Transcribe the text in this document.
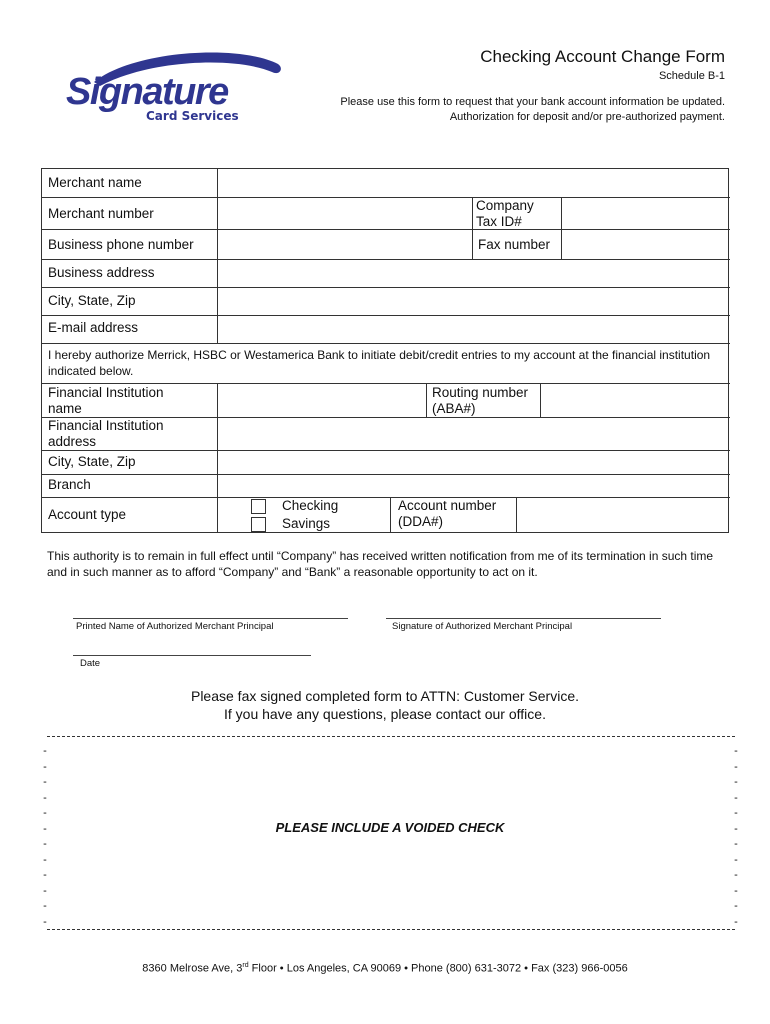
Signature
Card Services
Checking Account Change Form
Schedule B-1
Please use this form to request that your bank account information be updated.
Authorization for deposit and/or pre-authorized payment.
Merchant name
Merchant number
Company
Tax ID#
Business phone number	Fax number
Business address
City, State, Zip
E-mail address
I hereby authorize Merrick, HSBC or Westamerica Bank to initiate debit/credit entries to my account at the financial institution indicated below.
Financial Institution
name
Routing number
(ABA#)
Financial Institution
address
City, State, Zip
Branch
Account type
Checking
Savings
Account number
(DDA#)
This authority is to remain in full effect until “Company” has received written notification from me of its termination in such time and in such manner as to afford “Company” and “Bank” a reasonable opportunity to act on it.
Printed Name of Authorized Merchant Principal	Signature of Authorized Merchant Principal
Date
Please fax signed completed form to ATTN: Customer Service.
If you have any questions, please contact our office.
-
-
-
-
-
-
-
-
-
-
-
-
-
-
-
-
-
-
-
-
-
-
-
-
PLEASE INCLUDE A VOIDED CHECK
8360 Melrose Ave, 3rd Floor • Los Angeles, CA 90069 • Phone (800) 631-3072 • Fax (323) 966-0056
